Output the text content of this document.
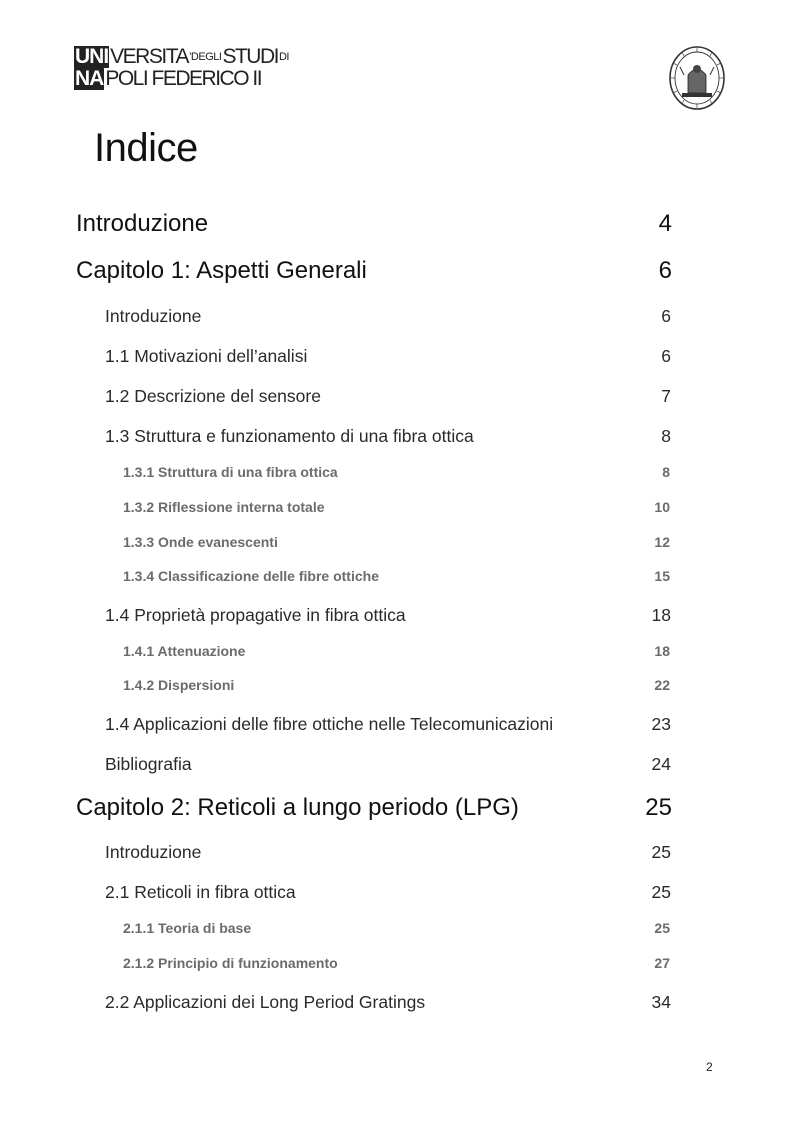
UNIVERSITA’DEGLISTUDIDI
NAPOLI FEDERICO II
Indice
Introduzione	4
Capitolo 1: Aspetti Generali	6
Introduzione	6
1.1 Motivazioni dell’analisi	6
1.2 Descrizione del sensore	7
1.3 Struttura e funzionamento di una fibra ottica	8
1.3.1 Struttura di una fibra ottica	8
1.3.2 Riflessione interna totale	10
1.3.3 Onde evanescenti	12
1.3.4 Classificazione delle fibre ottiche	15
1.4 Proprietà propagative in fibra ottica	18
1.4.1 Attenuazione	18
1.4.2 Dispersioni	22
1.4 Applicazioni delle fibre ottiche nelle Telecomunicazioni	23
Bibliografia	24
Capitolo 2: Reticoli a lungo periodo (LPG)	25
Introduzione	25
2.1 Reticoli in fibra ottica	25
2.1.1 Teoria di base	25
2.1.2 Principio di funzionamento	27
2.2 Applicazioni dei Long Period Gratings	34
2
